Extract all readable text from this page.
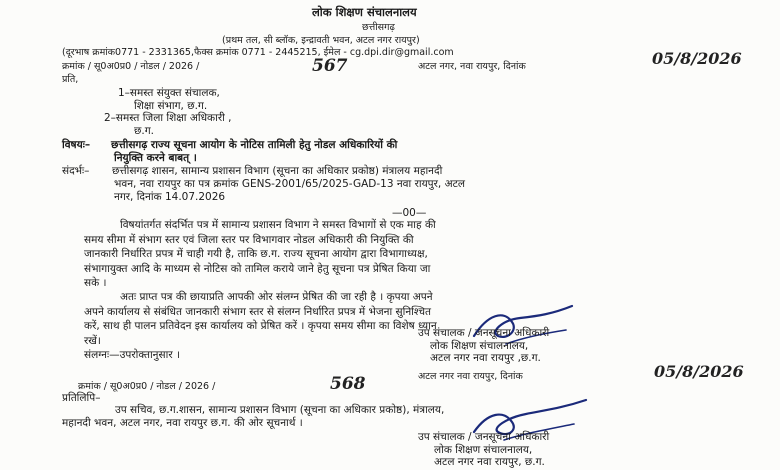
लोक शिक्षण संचालनालय
छत्तीसगढ़
(प्रथम तल, सी ब्लॉक, इन्द्रावती भवन, अटल नगर रायपुर)
(दूरभाष क्रमांक0771 - 2331365,फैक्स क्रमांक 0771 - 2445215, ईमेल - cg.dpi.dir@gmail.com
क्रमांक / सू0अ0प्र0 / नोडल / 2026 /	567	अटल नगर, नवा रायपुर, दिनांक	05/8/2026
प्रति,
1–समस्त संयुक्त संचालक,
शिक्षा संभाग, छ.ग.
2–समस्त जिला शिक्षा अधिकारी ,
छ.ग.
विषयः– छत्तीसगढ़ राज्य सूचना आयोग के नोटिस तामिली हेतु नोडल अधिकारियों की
नियुक्ति करने बाबत् ।
संदर्भः– छत्तीसगढ़ शासन, सामान्य प्रशासन विभाग (सूचना का अधिकार प्रकोष्ठ) मंत्रालय महानदी
भवन, नवा रायपुर का पत्र क्रमांक GENS-2001/65/2025-GAD-13 नवा रायपुर, अटल
नगर, दिनांक 14.07.2026
—00—
विषयांतर्गत संदर्भित पत्र में सामान्य प्रशासन विभाग ने समस्त विभागों से एक माह की
समय सीमा में संभाग स्तर एवं जिला स्तर पर विभागवार नोडल अधिकारी की नियुक्ति की
जानकारी निर्धारित प्रपत्र में चाही गयी है, ताकि छ.ग. राज्य सूचना आयोग द्वारा विभागाध्यक्ष,
संभागायुक्त आदि के माध्यम से नोटिस को तामिल कराये जाने हेतु सूचना पत्र प्रेषित किया जा
सके ।
अतः प्राप्त पत्र की छायाप्रति आपकी ओर संलग्न प्रेषित की जा रही है । कृपया अपने
अपने कार्यालय से संबंधित जानकारी संभाग स्तर से संलग्न निर्धारित प्रपत्र में भेजना सुनिश्चित
करें, साथ ही पालन प्रतिवेदन इस कार्यालय को प्रेषित करें । कृपया समय सीमा का विशेष ध्यान
रखें।
संलग्नः—उपरोक्तानुसार ।
उप संचालक / जनसूचना अधिकारी
लोक शिक्षण संचालनालय,
अटल नगर नवा रायपुर ,छ.ग.
क्रमांक / सू0अ0प्र0 / नोडल / 2026 /	568	अटल नगर नवा रायपुर, दिनांक	05/8/2026
प्रतिलिपि–
उप सचिव, छ.ग.शासन, सामान्य प्रशासन विभाग (सूचना का अधिकार प्रकोष्ठ), मंत्रालय,
महानदी भवन, अटल नगर, नवा रायपुर छ.ग. की ओर सूचनार्थ ।
उप संचालक / जनसूचना अधिकारी
लोक शिक्षण संचालनालय,
अटल नगर नवा रायपुर, छ.ग.
